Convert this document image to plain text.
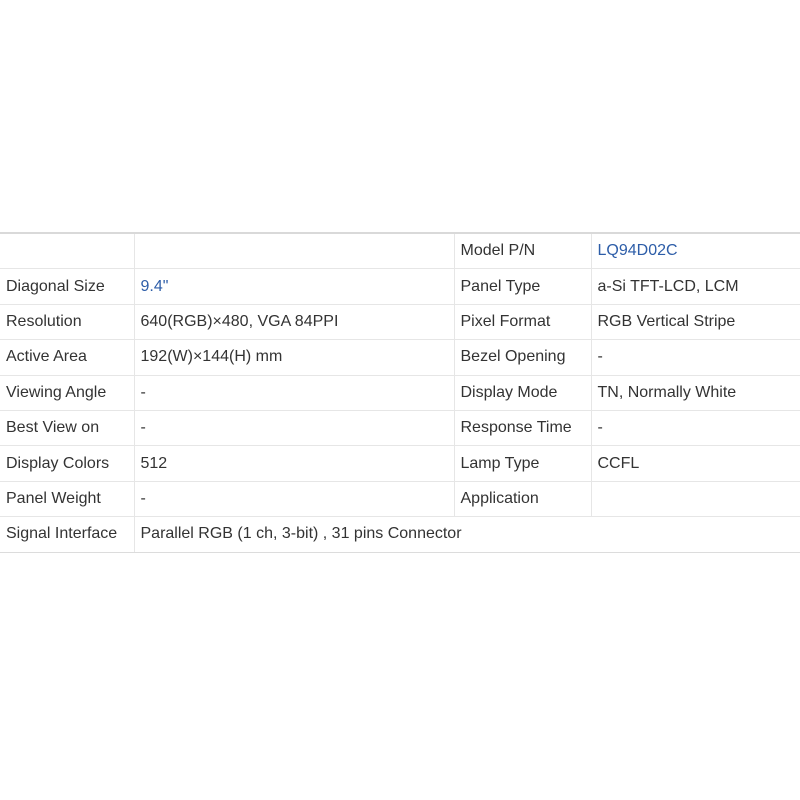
		Model P/N	LQ94D02C
Diagonal Size	9.4"	Panel Type	a-Si TFT-LCD, LCM
Resolution	640(RGB)×480, VGA 84PPI	Pixel Format	RGB Vertical Stripe
Active Area	192(W)×144(H) mm	Bezel Opening	-
Viewing Angle	-	Display Mode	TN, Normally White
Best View on	-	Response Time	-
Display Colors	512	Lamp Type	CCFL
Panel Weight	-	Application	
Signal Interface	Parallel RGB (1 ch, 3-bit) , 31 pins Connector		
